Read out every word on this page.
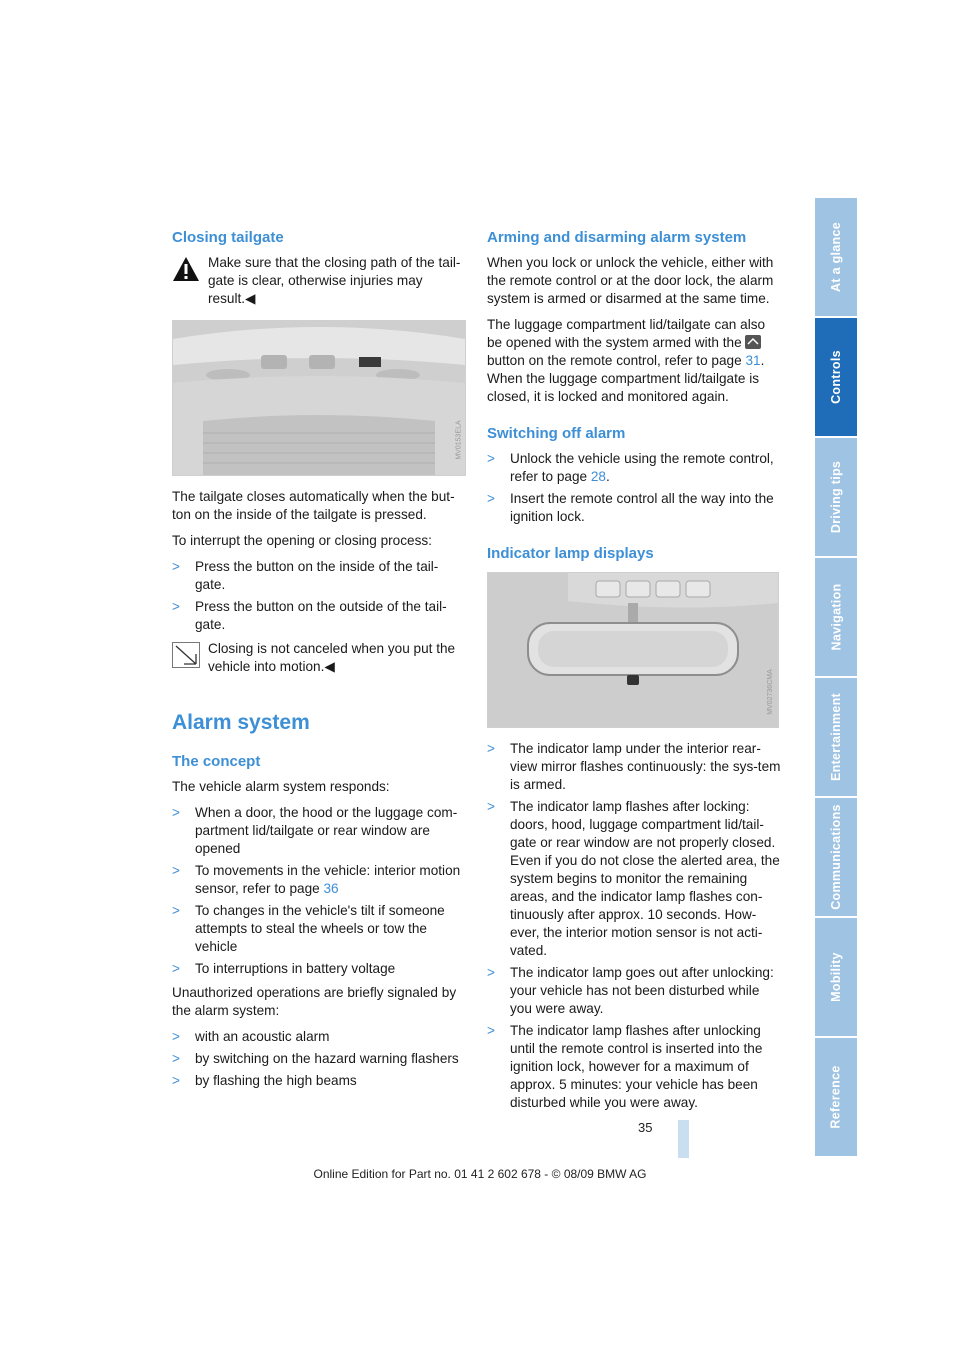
Closing tailgate
Make sure that the closing path of the tail-gate is clear, otherwise injuries may result.◀
MV0153ELA

The tailgate closes automatically when the but-ton on the inside of the tailgate is pressed.

To interrupt the opening or closing process:

> Press the button on the inside of the tail-gate.
> Press the button on the outside of the tail-gate.
Closing is not canceled when you put the vehicle into motion.◀
Alarm system
The concept

The vehicle alarm system responds:

> When a door, the hood or the luggage com-partment lid/tailgate or rear window are opened
> To movements in the vehicle: interior motion sensor, refer to page 36
> To changes in the vehicle's tilt if someone attempts to steal the wheels or tow the vehicle
> To interruptions in battery voltage

Unauthorized operations are briefly signaled by the alarm system:

> with an acoustic alarm
> by switching on the hazard warning flashers
> by flashing the high beams
Arming and disarming alarm system

When you lock or unlock the vehicle, either with the remote control or at the door lock, the alarm system is armed or disarmed at the same time.

The luggage compartment lid/tailgate can also be opened with the system armed with the  button on the remote control, refer to page 31. When the luggage compartment lid/tailgate is closed, it is locked and monitored again.

Switching off alarm
> Unlock the vehicle using the remote control, refer to page 28.
> Insert the remote control all the way into the ignition lock.
Indicator lamp displays
MV02736CMA
> The indicator lamp under the interior rear-view mirror flashes continuously: the sys-tem is armed.
> The indicator lamp flashes after locking: doors, hood, luggage compartment lid/tail-gate or rear window are not properly closed. Even if you do not close the alerted area, the system begins to monitor the remaining areas, and the indicator lamp flashes con-tinuously after approx. 10 seconds. How-ever, the interior motion sensor is not acti-vated.
> The indicator lamp goes out after unlocking: your vehicle has not been disturbed while you were away.
> The indicator lamp flashes after unlocking until the remote control is inserted into the ignition lock, however for a maximum of approx. 5 minutes: your vehicle has been disturbed while you were away.
At a glance
Controls
Driving tips
Navigation
Entertainment
Communications
Mobility
Reference
35
Online Edition for Part no. 01 41 2 602 678 - © 08/09 BMW AG
